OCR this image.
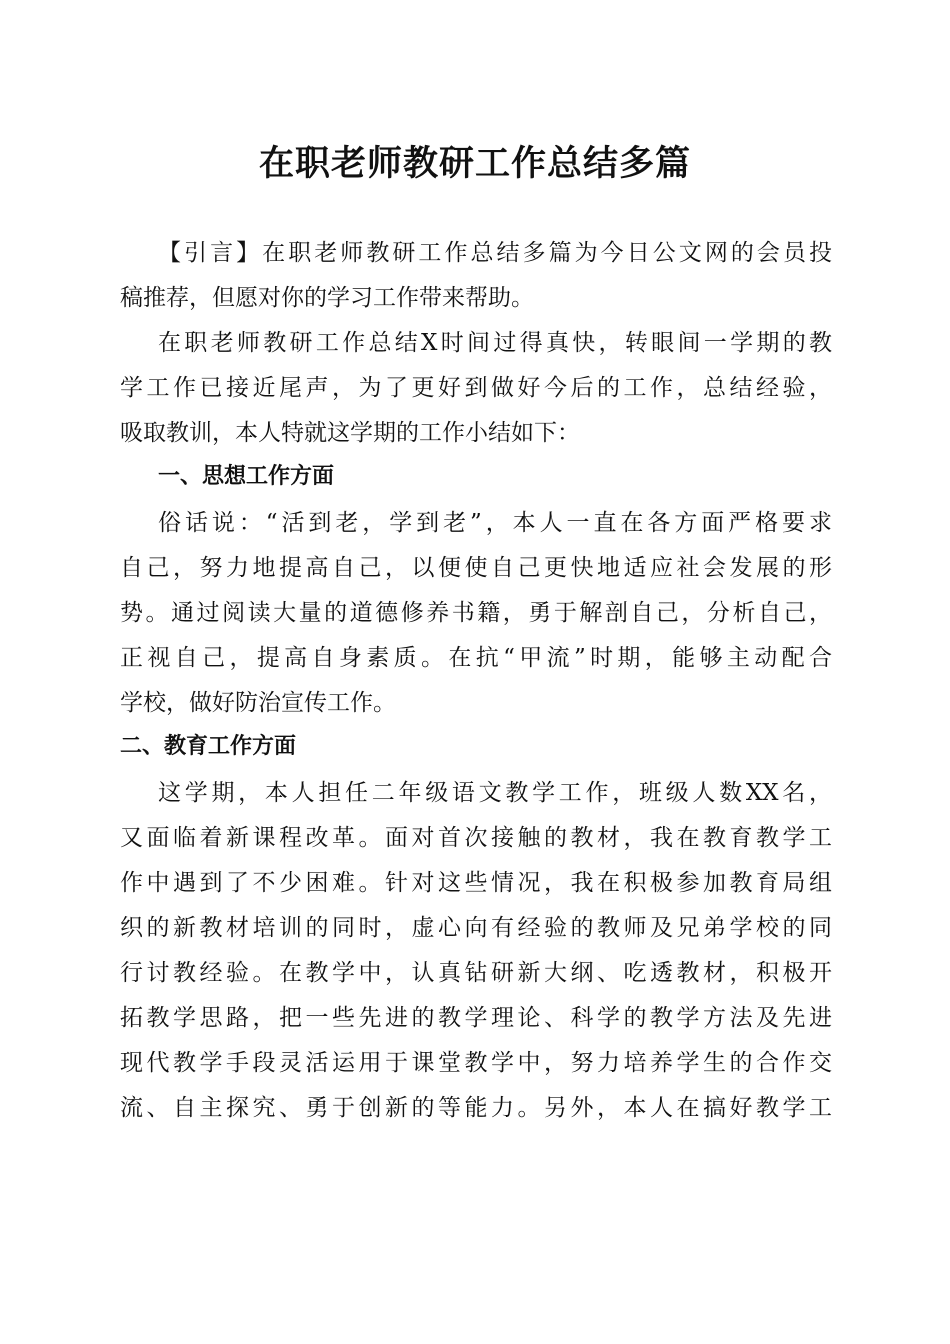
在职老师教研工作总结多篇

【引言】在职老师教研工作总结多篇为今日公文网的会员投

稿推荐，但愿对你的学习工作带来帮助。

在职老师教研工作总结X时间过得真快，转眼间一学期的教

学工作已接近尾声，为了更好到做好今后的工作，总结经验，

吸取教训，本人特就这学期的工作小结如下：

一、思想工作方面

俗话说：“活到老，学到老”，本人一直在各方面严格要求

自己，努力地提高自己，以便使自己更快地适应社会发展的形

势。通过阅读大量的道德修养书籍，勇于解剖自己，分析自己，

正视自己，提高自身素质。在抗“甲流”时期，能够主动配合

学校，做好防治宣传工作。

二、教育工作方面

这学期，本人担任二年级语文教学工作，班级人数XX名，

又面临着新课程改革。面对首次接触的教材，我在教育教学工

作中遇到了不少困难。针对这些情况，我在积极参加教育局组

织的新教材培训的同时，虚心向有经验的教师及兄弟学校的同

行讨教经验。在教学中，认真钻研新大纲、吃透教材，积极开

拓教学思路，把一些先进的教学理论、科学的教学方法及先进

现代教学手段灵活运用于课堂教学中，努力培养学生的合作交

流、自主探究、勇于创新的等能力。另外，本人在搞好教学工
